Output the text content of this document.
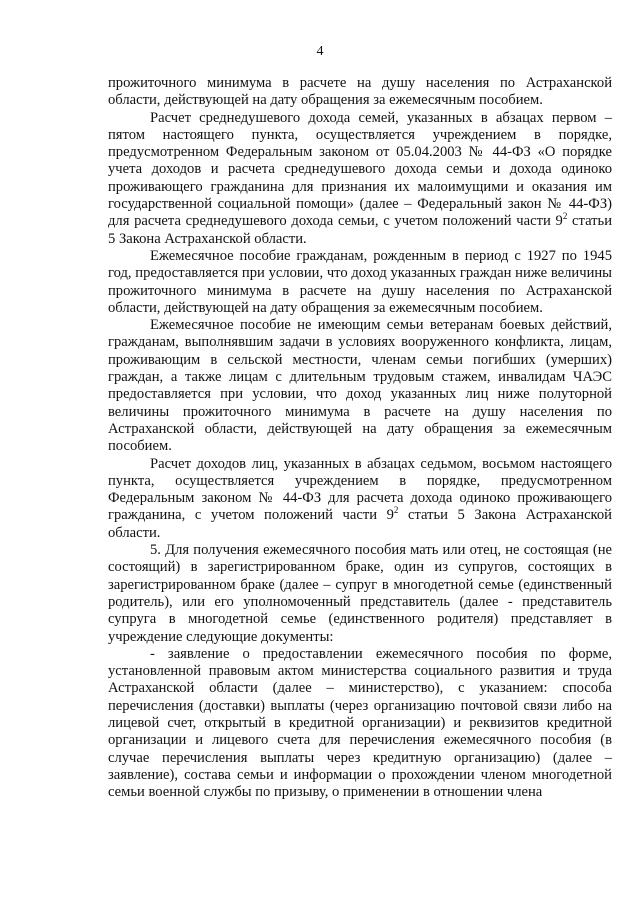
4

прожиточного минимума в расчете на душу населения по Астраханской области, действующей на дату обращения за ежемесячным пособием.

Расчет среднедушевого дохода семей, указанных в абзацах первом – пятом настоящего пункта, осуществляется учреждением в порядке, предусмотренном Федеральным законом от 05.04.2003 № 44-ФЗ «О порядке учета доходов и расчета среднедушевого дохода семьи и дохода одиноко проживающего гражданина для признания их малоимущими и оказания им государственной социальной помощи» (далее – Федеральный закон № 44-ФЗ) для расчета среднедушевого дохода семьи, с учетом положений части $9^2$ статьи 5 Закона Астраханской области.

Ежемесячное пособие гражданам, рожденным в период с 1927 по 1945 год, предоставляется при условии, что доход указанных граждан ниже величины прожиточного минимума в расчете на душу населения по Астраханской области, действующей на дату обращения за ежемесячным пособием.

Ежемесячное пособие не имеющим семьи ветеранам боевых действий, гражданам, выполнявшим задачи в условиях вооруженного конфликта, лицам, проживающим в сельской местности, членам семьи погибших (умерших) граждан, а также лицам с длительным трудовым стажем, инвалидам ЧАЭС предоставляется при условии, что доход указанных лиц ниже полуторной величины прожиточного минимума в расчете на душу населения по Астраханской области, действующей на дату обращения за ежемесячным пособием.

Расчет доходов лиц, указанных в абзацах седьмом, восьмом настоящего пункта, осуществляется учреждением в порядке, предусмотренном Федеральным законом № 44-ФЗ для расчета дохода одиноко проживающего гражданина, с учетом положений части $9^2$ статьи 5 Закона Астраханской области.

5. Для получения ежемесячного пособия мать или отец, не состоящая (не состоящий) в зарегистрированном браке, один из супругов, состоящих в зарегистрированном браке (далее – супруг в многодетной семье (единственный родитель), или его уполномоченный представитель (далее - представитель супруга в многодетной семье (единственного родителя) представляет в учреждение следующие документы:

- заявление о предоставлении ежемесячного пособия по форме, установленной правовым актом министерства социального развития и труда Астраханской области (далее – министерство), с указанием: способа перечисления (доставки) выплаты (через организацию почтовой связи либо на лицевой счет, открытый в кредитной организации) и реквизитов кредитной организации и лицевого счета для перечисления ежемесячного пособия (в случае перечисления выплаты через кредитную организацию) (далее – заявление), состава семьи и информации о прохождении членом многодетной семьи военной службы по призыву, о применении в отношении члена
